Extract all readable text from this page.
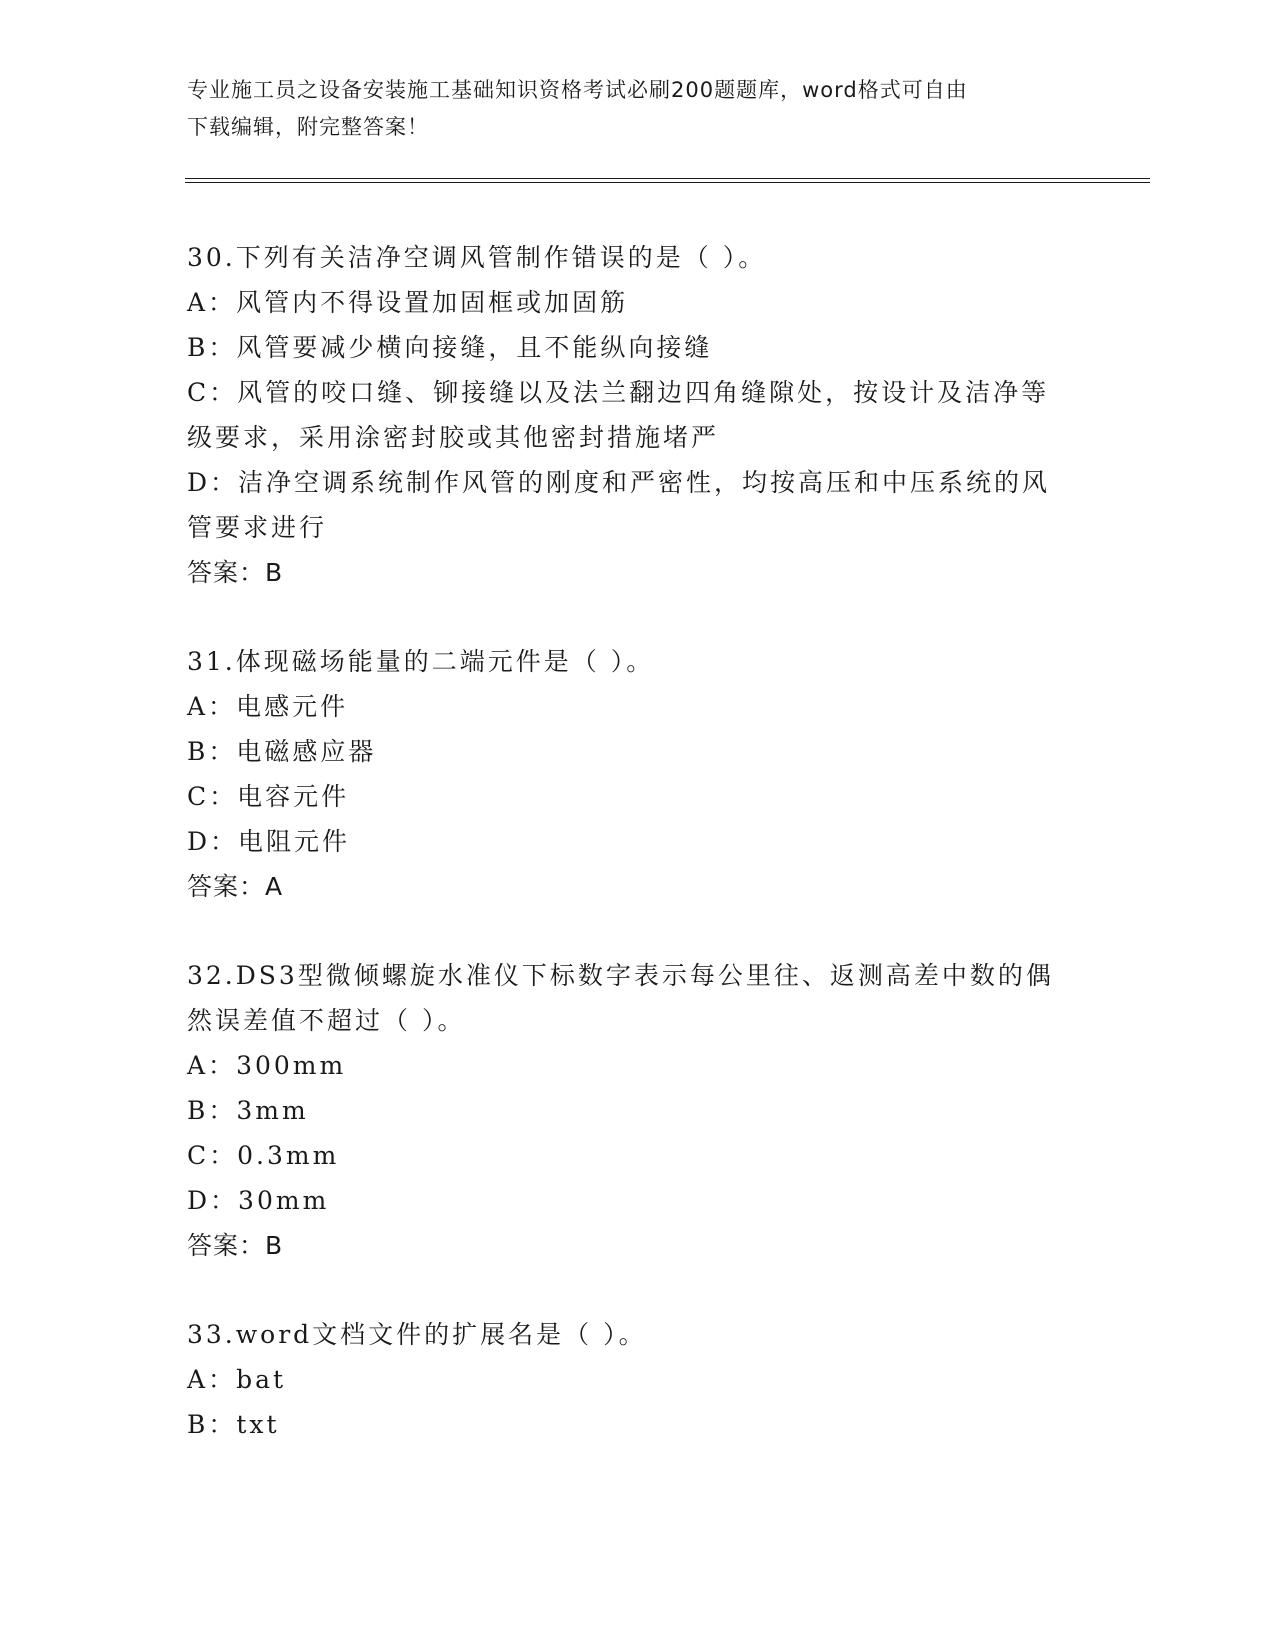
专业施工员之设备安装施工基础知识资格考试必刷200题题库，word格式可自由
下载编辑，附完整答案！
30.下列有关洁净空调风管制作错误的是（ ）。
A：风管内不得设置加固框或加固筋
B：风管要减少横向接缝，且不能纵向接缝
C：风管的咬口缝、铆接缝以及法兰翻边四角缝隙处，按设计及洁净等级要求，采用涂密封胶或其他密封措施堵严
D：洁净空调系统制作风管的刚度和严密性，均按高压和中压系统的风管要求进行
答案：B
31.体现磁场能量的二端元件是（ ）。
A：电感元件
B：电磁感应器
C：电容元件
D：电阻元件
答案：A
32.DS3型微倾螺旋水准仪下标数字表示每公里往、返测高差中数的偶然误差值不超过（ ）。
A：300mm
B：3mm
C：0.3mm
D：30mm
答案：B
33.word文档文件的扩展名是（ ）。
A：bat
B：txt
